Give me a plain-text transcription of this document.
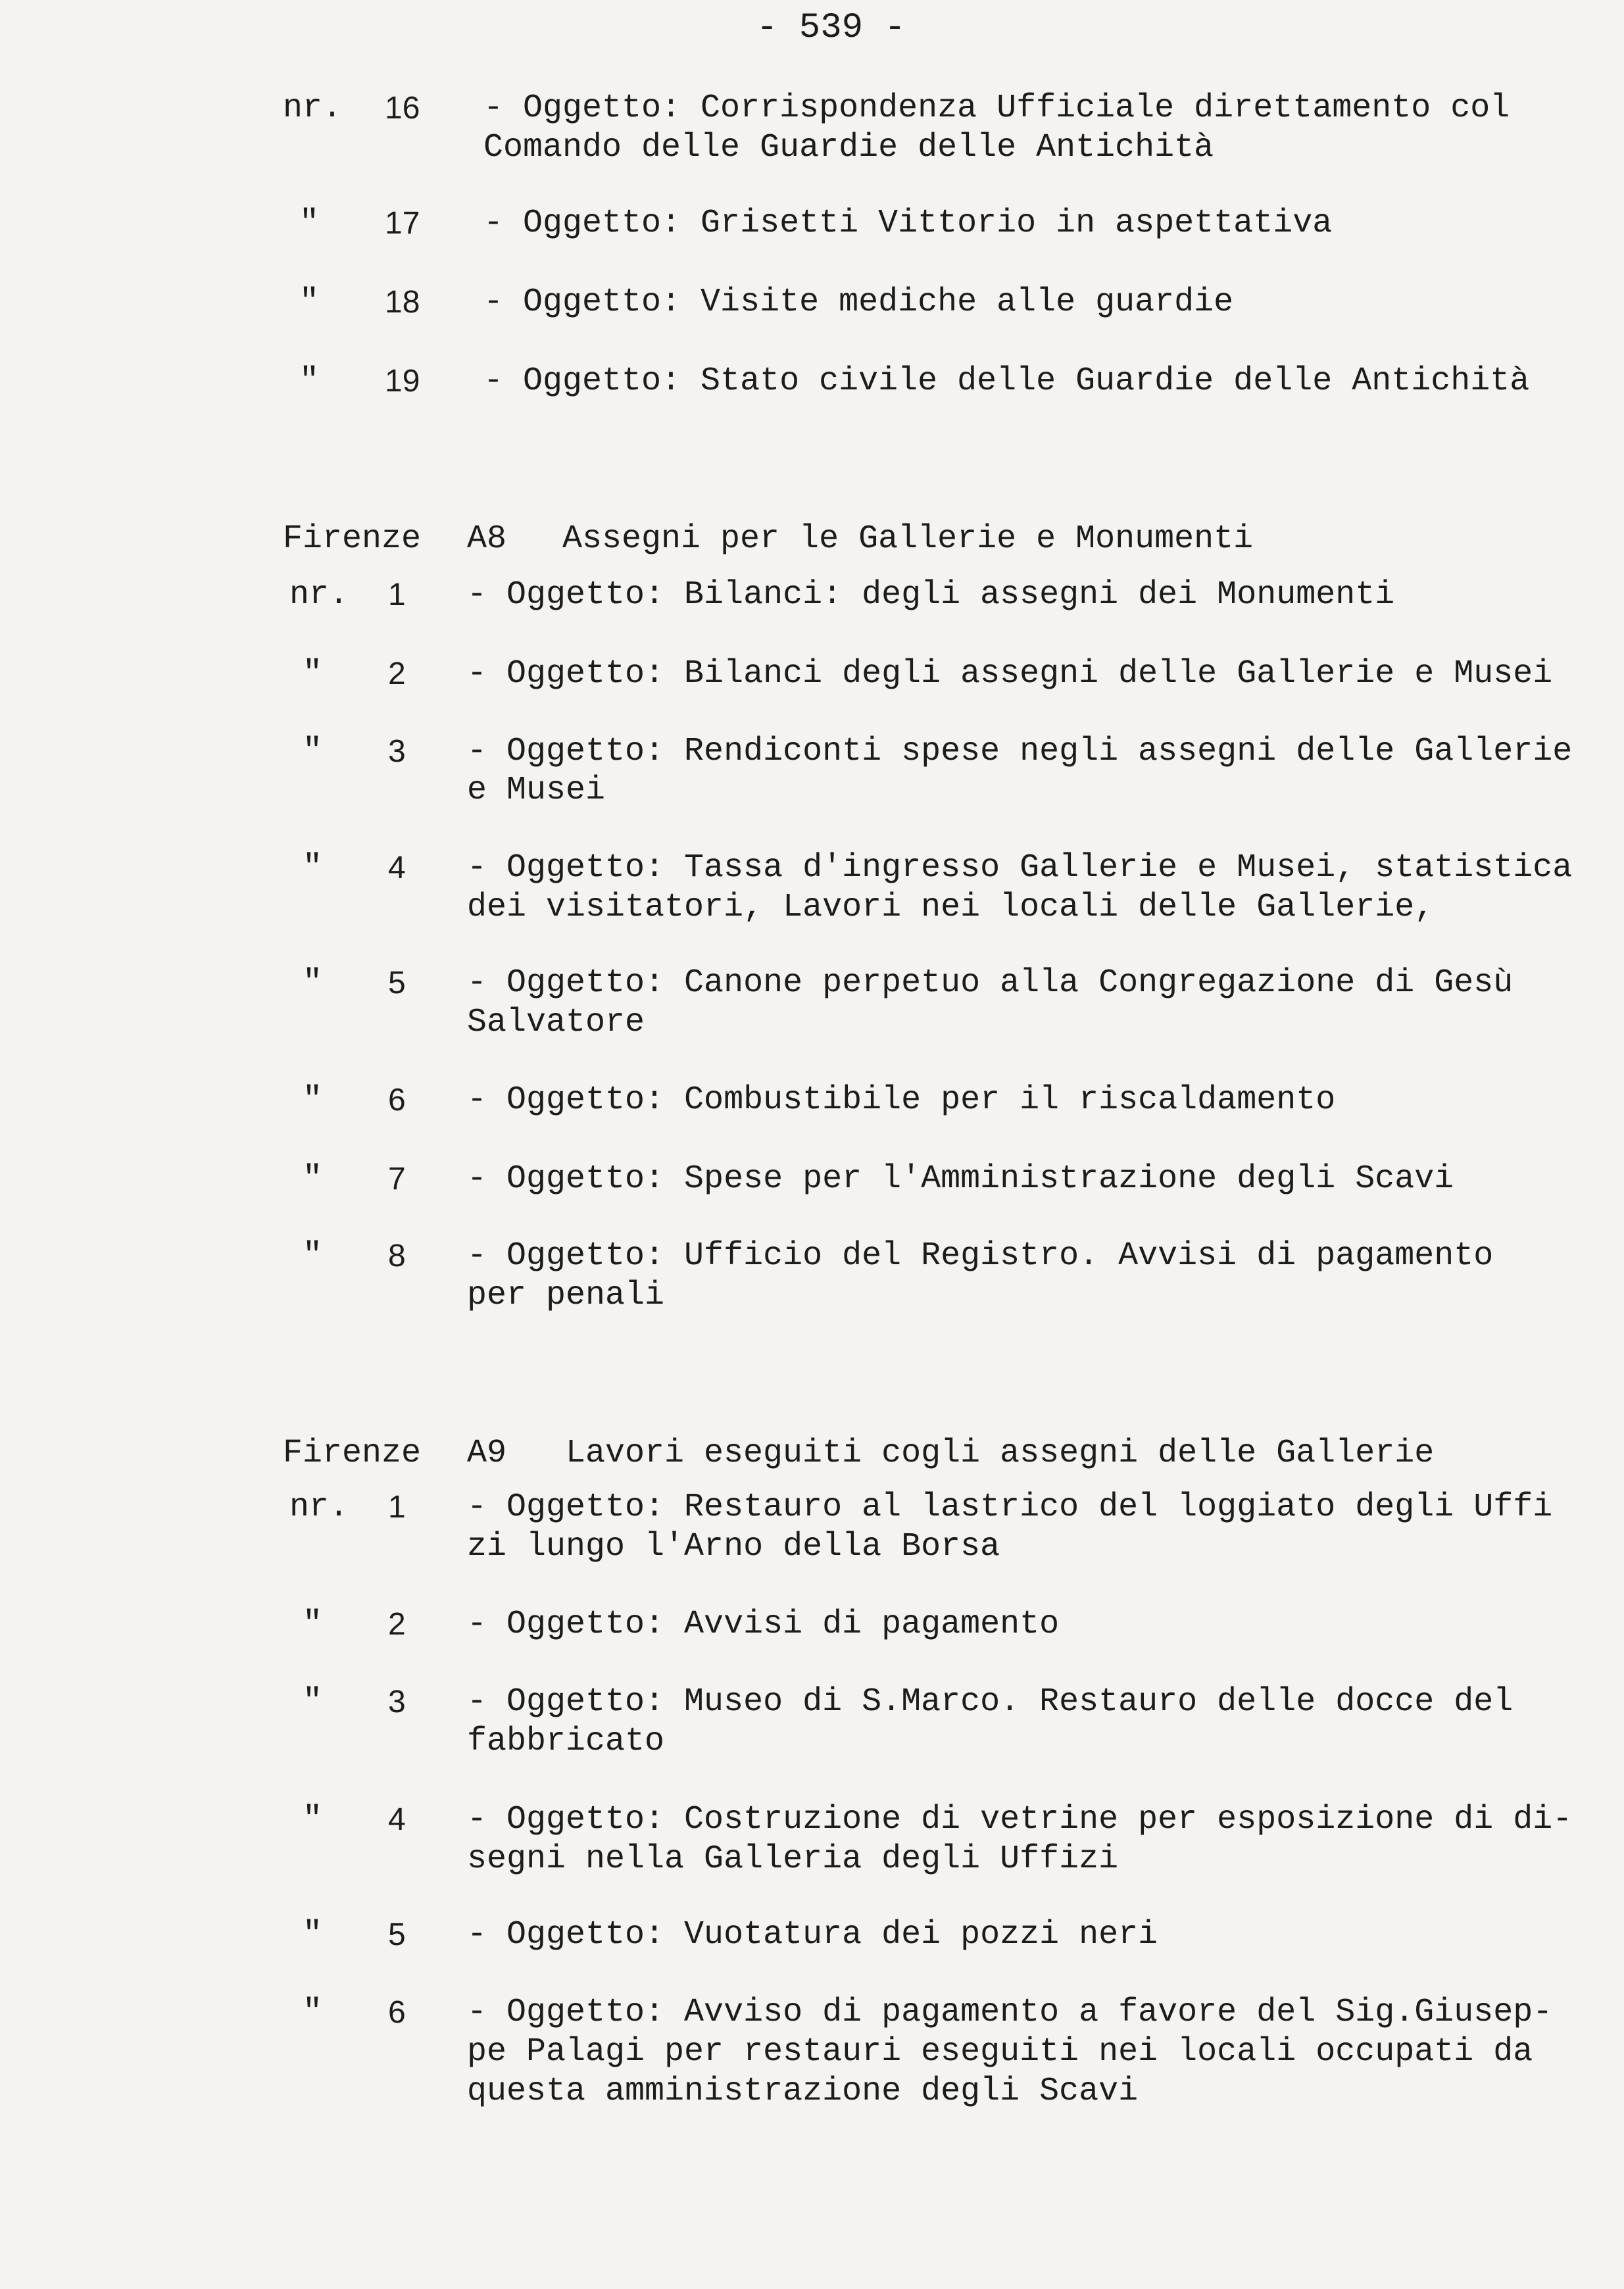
- 539 -
nr. 16 - Oggetto: Corrispondenza Ufficiale direttamento col
Comando delle Guardie delle Antichità
" 17 - Oggetto: Grisetti Vittorio in aspettativa
" 18 - Oggetto: Visite mediche alle guardie
" 19 - Oggetto: Stato civile delle Guardie delle Antichità
Firenze A8 Assegni per le Gallerie e Monumenti
nr. 1 - Oggetto: Bilanci: degli assegni dei Monumenti
" 2 - Oggetto: Bilanci degli assegni delle Gallerie e Musei
" 3 - Oggetto: Rendiconti spese negli assegni delle Gallerie
e Musei
" 4 - Oggetto: Tassa d'ingresso Gallerie e Musei, statistica
dei visitatori, Lavori nei locali delle Gallerie,
" 5 - Oggetto: Canone perpetuo alla Congregazione di Gesù
Salvatore
" 6 - Oggetto: Combustibile per il riscaldamento
" 7 - Oggetto: Spese per l'Amministrazione degli Scavi
" 8 - Oggetto: Ufficio del Registro. Avvisi di pagamento
per penali
Firenze A9 Lavori eseguiti cogli assegni delle Gallerie
nr. 1 - Oggetto: Restauro al lastrico del loggiato degli Uffi
zi lungo l'Arno della Borsa
" 2 - Oggetto: Avvisi di pagamento
" 3 - Oggetto: Museo di S.Marco. Restauro delle docce del
fabbricato
" 4 - Oggetto: Costruzione di vetrine per esposizione di di-
segni nella Galleria degli Uffizi
" 5 - Oggetto: Vuotatura dei pozzi neri
" 6 - Oggetto: Avviso di pagamento a favore del Sig.Giusep-
pe Palagi per restauri eseguiti nei locali occupati da
questa amministrazione degli Scavi
